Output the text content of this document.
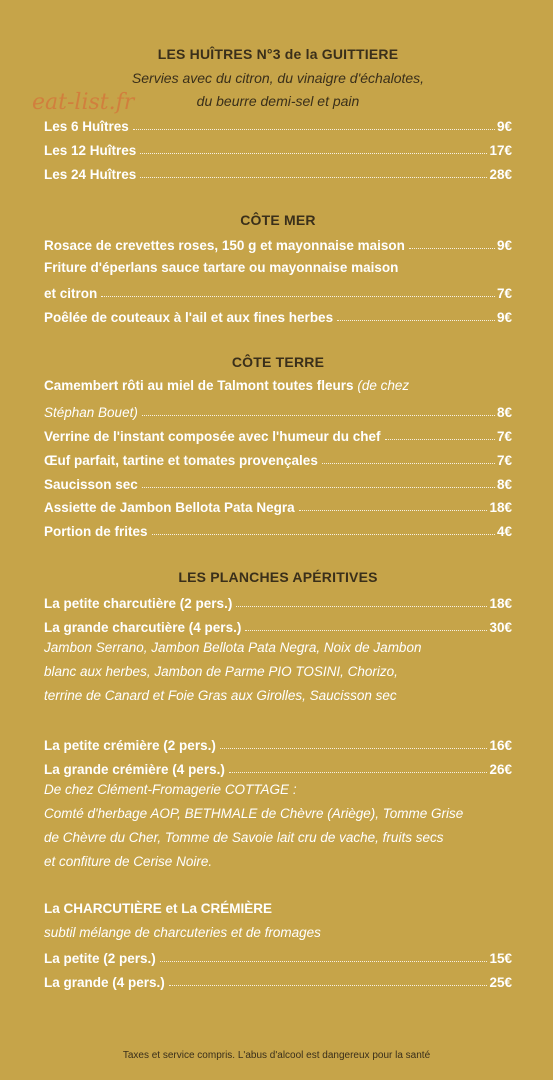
eat-list.fr
LES HUÎTRES N°3 de la GUITTIERE
Servies avec du citron, du vinaigre d'échalotes,
du beurre demi-sel et pain
Les 6 Huîtres	9€
Les 12 Huîtres	17€
Les 24 Huîtres	28€
CÔTE MER
Rosace de crevettes roses, 150 g et mayonnaise maison	9€
Friture d'éperlans sauce tartare ou mayonnaise maison
et citron	7€
Poêlée de couteaux à l'ail et aux fines herbes	9€
CÔTE TERRE
Camembert rôti au miel de Talmont toutes fleurs (de chez
Stéphan Bouet)	8€
Verrine de l'instant composée avec l'humeur du chef	7€
Œuf parfait, tartine et tomates provençales	7€
Saucisson sec	8€
Assiette de Jambon Bellota Pata Negra	18€
Portion de frites	4€
LES PLANCHES APÉRITIVES
La petite charcutière (2 pers.)	18€
La grande charcutière (4 pers.)	30€
Jambon Serrano, Jambon Bellota Pata Negra, Noix de Jambon
blanc aux herbes, Jambon de Parme PIO TOSINI, Chorizo,
terrine de Canard et Foie Gras aux Girolles, Saucisson sec
La petite crémière (2 pers.)	16€
La grande crémière (4 pers.)	26€
De chez Clément-Fromagerie COTTAGE :
Comté d'herbage AOP, BETHMALE de Chèvre (Ariège), Tomme Grise
de Chèvre du Cher, Tomme de Savoie lait cru de vache, fruits secs
et confiture de Cerise Noire.
La CHARCUTIÈRE et La CRÉMIÈRE
subtil mélange de charcuteries et de fromages
La petite (2 pers.)	15€
La grande (4 pers.)	25€
Taxes et service compris. L'abus d'alcool est dangereux pour la santé
